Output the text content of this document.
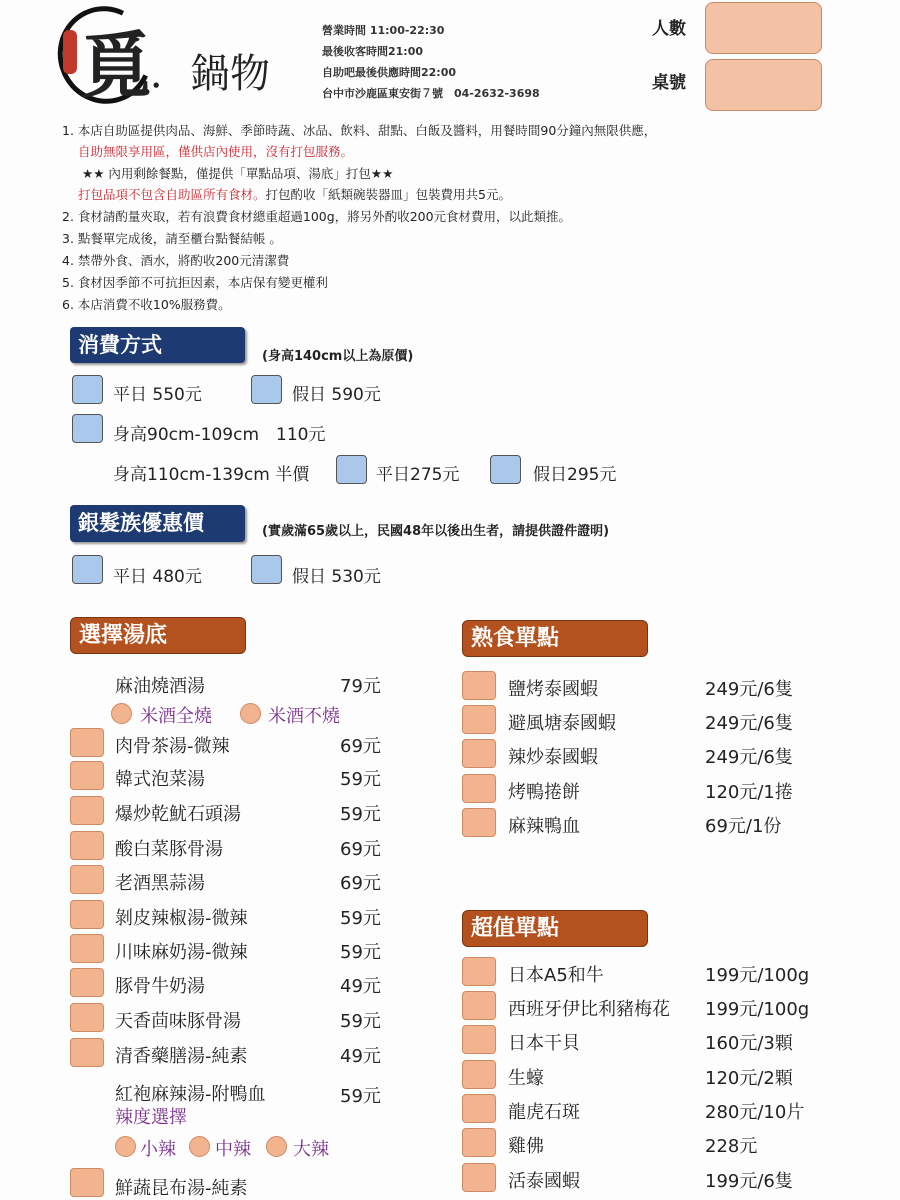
覓
．鍋物
營業時間 11:00-22:30
最後收客時間21:00
自助吧最後供應時間22:00
台中市沙鹿區東安街７號　04-2632-3698
人數
桌號
1. 本店自助區提供肉品、海鮮、季節時蔬、冰品、飲料、甜點、白飯及醬料，用餐時間90分鐘內無限供應，
自助無限享用區，僅供店內使用，沒有打包服務。
★★ 內用剩餘餐點，僅提供「單點品項、湯底」打包★★
打包品項不包含自助區所有食材。打包酌收「紙類碗裝器皿」包裝費用共5元。
2. 食材請酌量夾取，若有浪費食材總重超過100g，將另外酌收200元食材費用，以此類推。
3. 點餐單完成後，請至櫃台點餐結帳 。
4. 禁帶外食、酒水，將酌收200元清潔費
5. 食材因季節不可抗拒因素，本店保有變更權利
6. 本店消費不收10%服務費。
消費方式	(身高140cm以上為原價)
平日 550元	假日 590元
身高90cm-109cm　110元
身高110cm-139cm 半價	平日275元	假日295元
銀髮族優惠價	(實歲滿65歲以上，民國48年以後出生者，請提供證件證明)
平日 480元	假日 530元
選擇湯底
麻油燒酒湯	79元
米酒全燒	米酒不燒
肉骨茶湯-微辣	69元
韓式泡菜湯	59元
爆炒乾魷石頭湯	59元
酸白菜豚骨湯	69元
老酒黑蒜湯	69元
剝皮辣椒湯-微辣	59元
川味麻奶湯-微辣	59元
豚骨牛奶湯	49元
天香茴味豚骨湯	59元
清香藥膳湯-純素	49元
紅袍麻辣湯-附鴨血	59元
辣度選擇
小辣 中辣 大辣
鮮蔬昆布湯-純素
熟食單點
鹽烤泰國蝦	249元/6隻
避風塘泰國蝦	249元/6隻
辣炒泰國蝦	249元/6隻
烤鴨捲餅	120元/1捲
麻辣鴨血	69元/1份
超值單點
日本A5和牛	199元/100g
西班牙伊比利豬梅花 199元/100g
日本干貝	160元/3顆
生蠔	120元/2顆
龍虎石斑	280元/10片
雞佛	228元
活泰國蝦	199元/6隻
